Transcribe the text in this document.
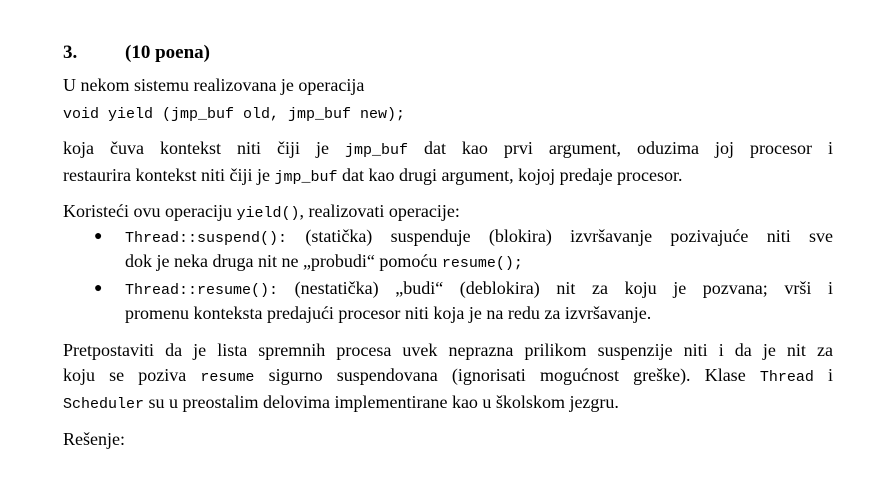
3.	(10 poena)

U nekom sistemu realizovana je operacija

void yield (jmp_buf old, jmp_buf new);

koja čuva kontekst niti čiji je jmp_buf dat kao prvi argument, oduzima joj procesor i

restaurira kontekst niti čiji je jmp_buf dat kao drugi argument, kojoj predaje procesor.

Koristeći ovu operaciju yield(), realizovati operacije:

● Thread::suspend(): (statička) suspenduje (blokira) izvršavanje pozivajuće niti sve
dok je neka druga nit ne „probudi“ pomoću resume();
● Thread::resume(): (nestatička) „budi“ (deblokira) nit za koju je pozvana; vrši i
promenu konteksta predajući procesor niti koja je na redu za izvršavanje.

Pretpostaviti da je lista spremnih procesa uvek neprazna prilikom suspenzije niti i da je nit za

koju se poziva resume sigurno suspendovana (ignorisati mogućnost greške). Klase Thread i

Scheduler su u preostalim delovima implementirane kao u školskom jezgru.

Rešenje:
